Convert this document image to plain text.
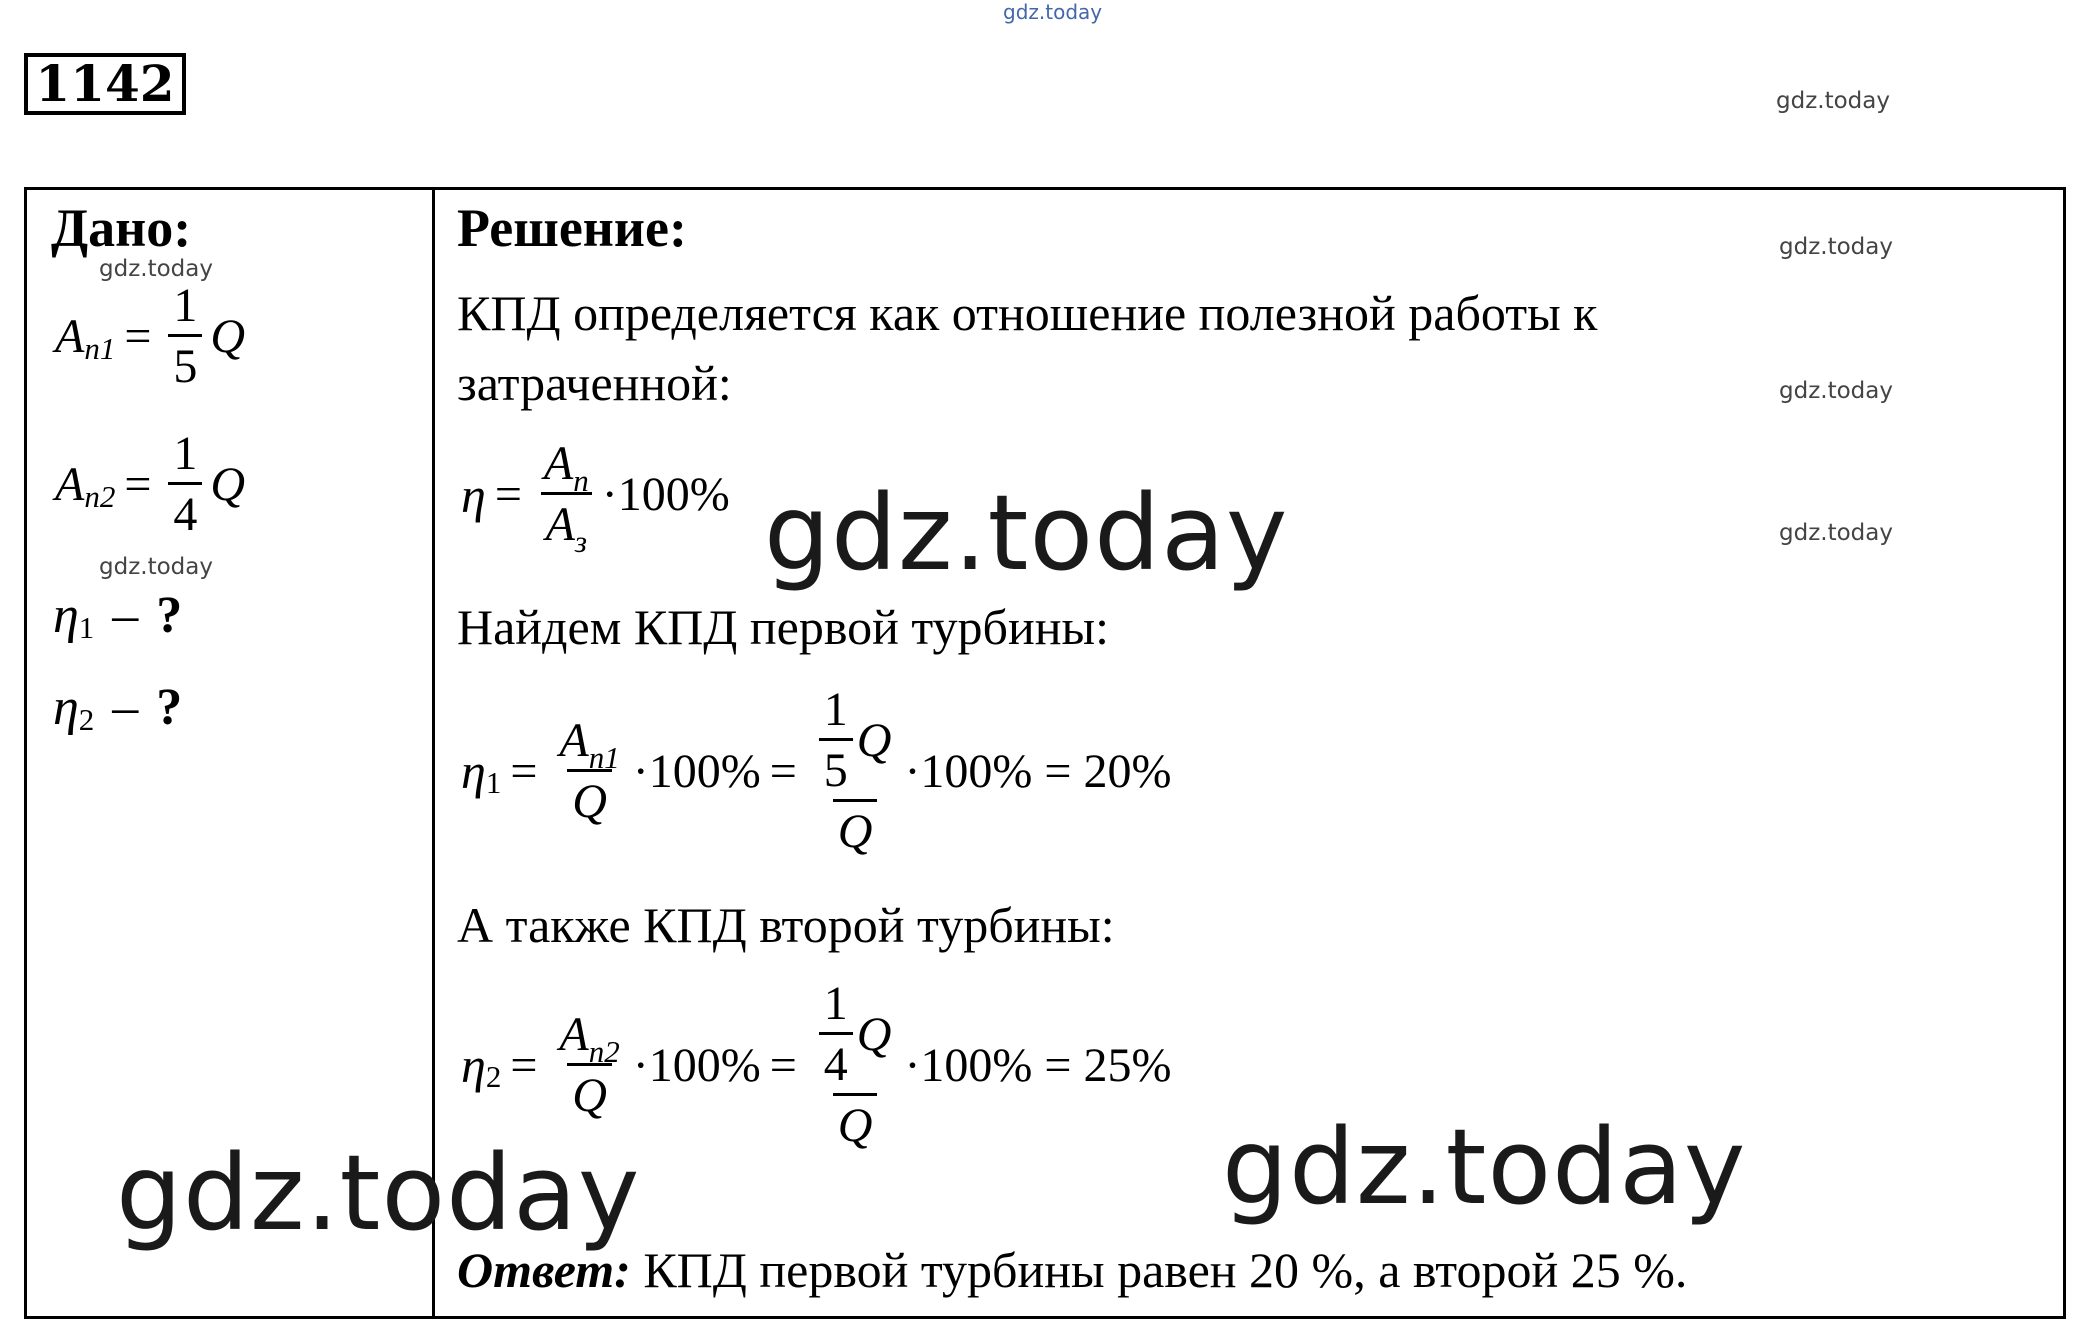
gdz.today
1142	gdz.today
Дано:
gdz.today
A $n1 = \frac{1}{5}$ Q
A $n2 = \frac{1}{4}$ Q
gdz.today
η 1 – ?
η 2 – ?
Решение:	gdz.today
КПД определяется как отношение полезной работы к
затраченной:	gdz.today
$\eta = \frac{A_п}{A_з} \cdot 100\%$
gdz.today
Найдем КПД первой турбины:
η $1 = \frac{A_{п1}}{Q} \cdot 100\% = \frac{\frac{1}{5} Q}{Q} \cdot 100\% = 20\%$
А также КПД второй турбины:
η $2 = \frac{A_{п2}}{Q} \cdot 100\% = \frac{\frac{1}{4} Q}{Q} \cdot 100\% = 25\%$
Ответ: КПД первой турбины равен 20 %, а второй 25 %.
gdz.today
gdz.today	gdz.today
